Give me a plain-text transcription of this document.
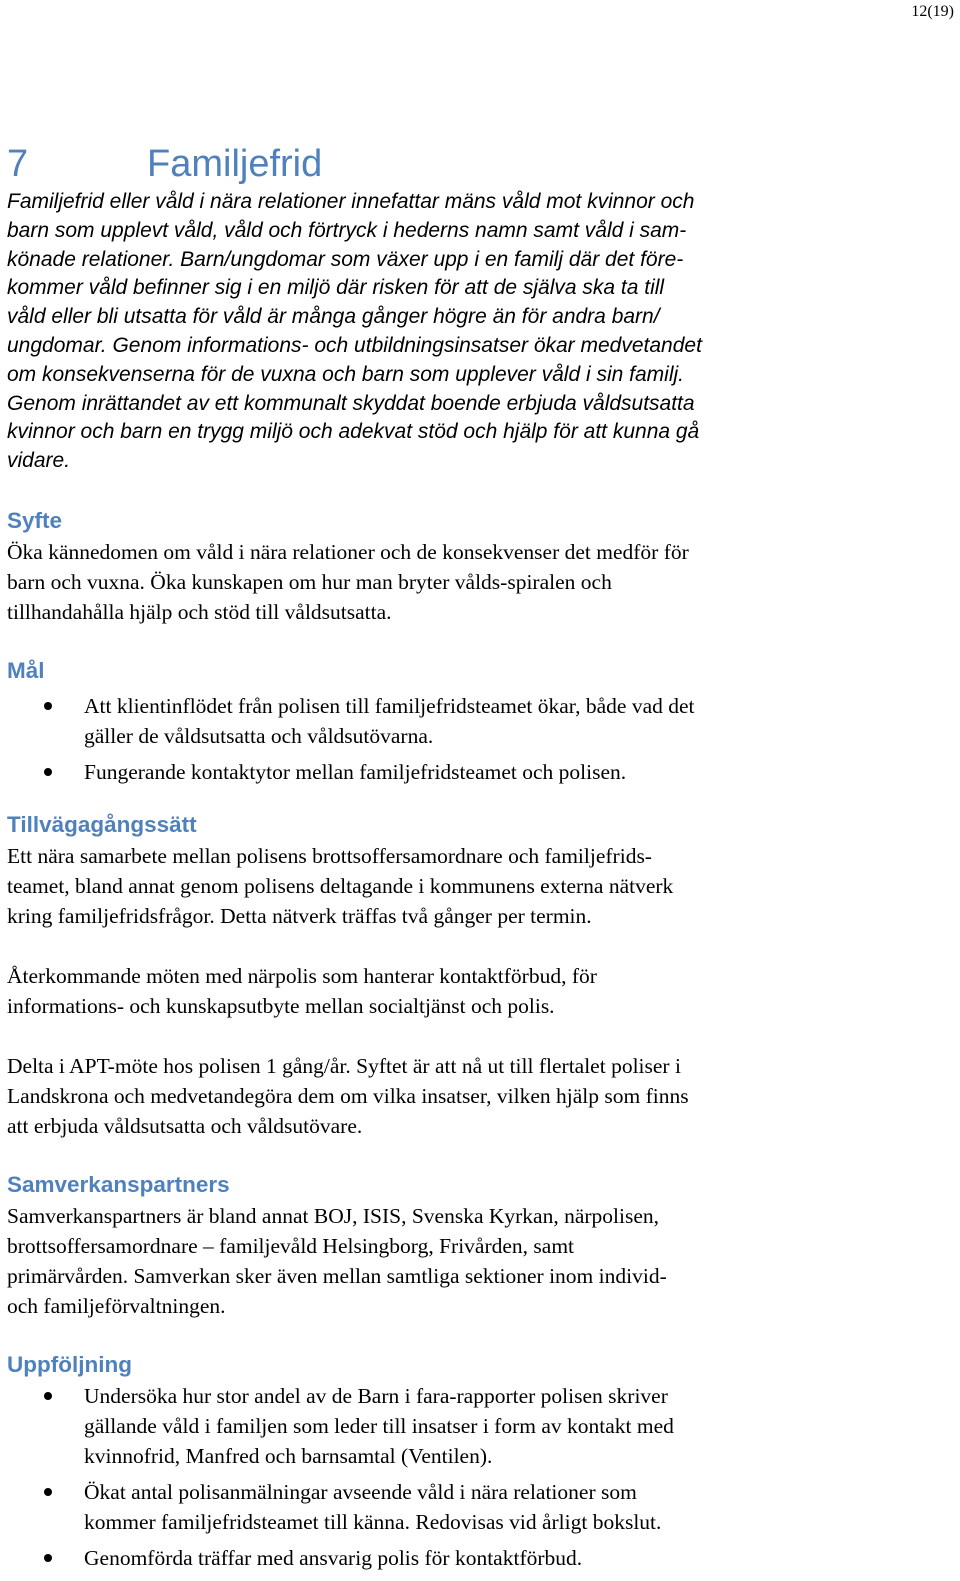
12(19)
7	Familjefrid

Familjefrid eller våld i nära relationer innefattar mäns våld mot kvinnor och
barn som upplevt våld, våld och förtryck i hederns namn samt våld i sam-
könade relationer. Barn/ungdomar som växer upp i en familj där det före-
kommer våld befinner sig i en miljö där risken för att de själva ska ta till
våld eller bli utsatta för våld är många gånger högre än för andra barn/
ungdomar. Genom informations- och utbildningsinsatser ökar medvetandet
om konsekvenserna för de vuxna och barn som upplever våld i sin familj.
Genom inrättandet av ett kommunalt skyddat boende erbjuda våldsutsatta
kvinnor och barn en trygg miljö och adekvat stöd och hjälp för att kunna gå
vidare.

Syfte

Öka kännedomen om våld i nära relationer och de konsekvenser det medför för
barn och vuxna. Öka kunskapen om hur man bryter vålds-spiralen och
tillhandahålla hjälp och stöd till våldsutsatta.

Mål
Att klientinflödet från polisen till familjefridsteamet ökar, både vad det
gäller de våldsutsatta och våldsutövarna.
Fungerande kontaktytor mellan familjefridsteamet och polisen.
Tillvägagångssätt

Ett nära samarbete mellan polisens brottsoffersamordnare och familjefrids-
teamet, bland annat genom polisens deltagande i kommunens externa nätverk
kring familjefridsfrågor. Detta nätverk träffas två gånger per termin.

Återkommande möten med närpolis som hanterar kontaktförbud, för
informations- och kunskapsutbyte mellan socialtjänst och polis.

Delta i APT-möte hos polisen 1 gång/år. Syftet är att nå ut till flertalet poliser i
Landskrona och medvetandegöra dem om vilka insatser, vilken hjälp som finns
att erbjuda våldsutsatta och våldsutövare.

Samverkanspartners

Samverkanspartners är bland annat BOJ, ISIS, Svenska Kyrkan, närpolisen,
brottsoffersamordnare – familjevåld Helsingborg, Frivården, samt
primärvården. Samverkan sker även mellan samtliga sektioner inom individ-
och familjeförvaltningen.

Uppföljning
Undersöka hur stor andel av de Barn i fara-rapporter polisen skriver
gällande våld i familjen som leder till insatser i form av kontakt med
kvinnofrid, Manfred och barnsamtal (Ventilen).
Ökat antal polisanmälningar avseende våld i nära relationer som
kommer familjefridsteamet till känna. Redovisas vid årligt bokslut.
Genomförda träffar med ansvarig polis för kontaktförbud.
